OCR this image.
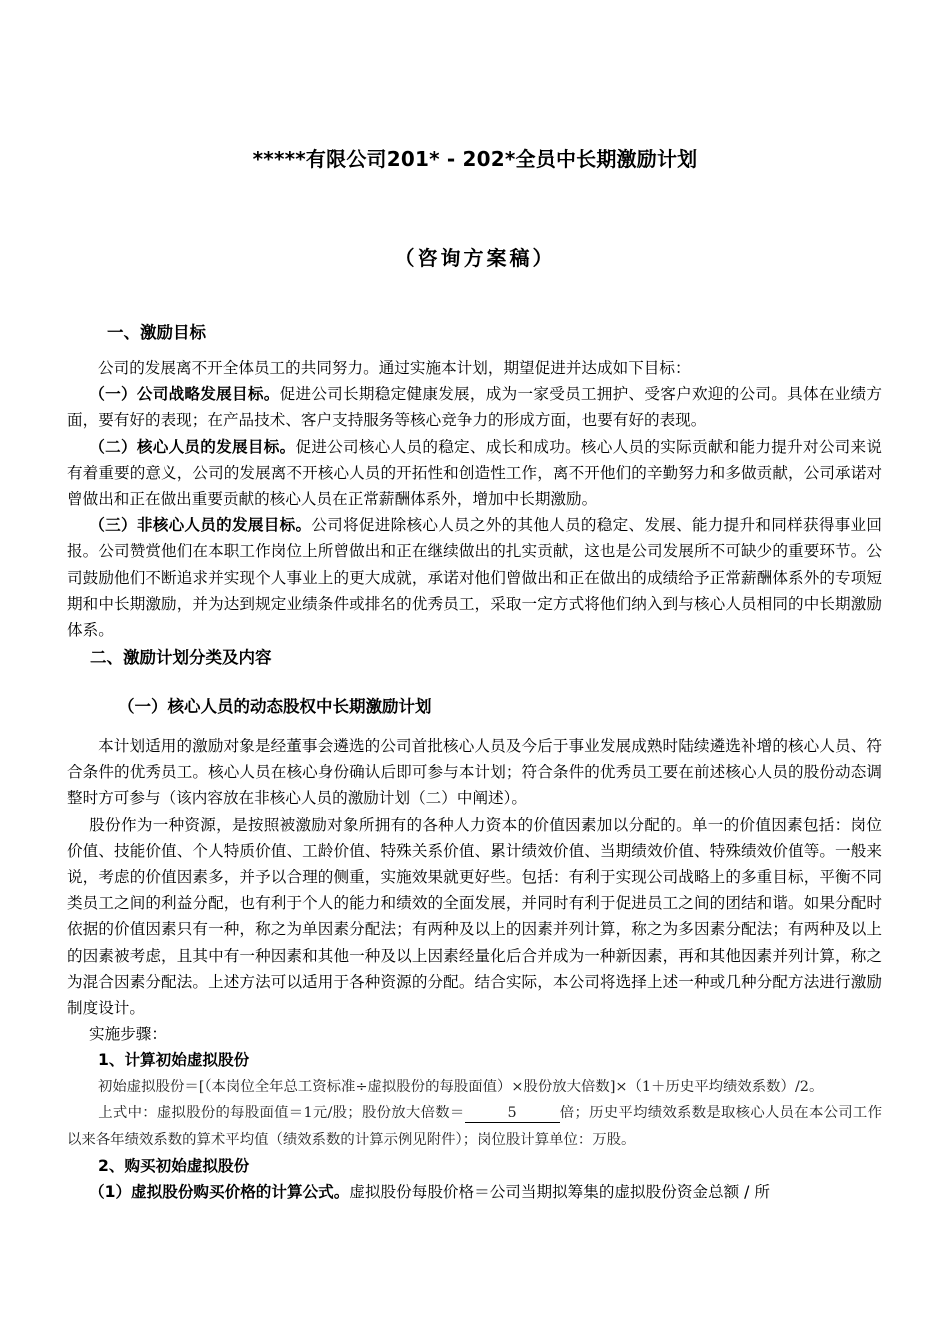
*****有限公司201* - 202*全员中长期激励计划
（咨询方案稿）
一、激励目标
公司的发展离不开全体员工的共同努力。通过实施本计划，期望促进并达成如下目标：
（一）公司战略发展目标。促进公司长期稳定健康发展，成为一家受员工拥护、受客户欢迎的公司。具体在业绩方面，要有好的表现；在产品技术、客户支持服务等核心竞争力的形成方面，也要有好的表现。
（二）核心人员的发展目标。促进公司核心人员的稳定、成长和成功。核心人员的实际贡献和能力提升对公司来说有着重要的意义，公司的发展离不开核心人员的开拓性和创造性工作，离不开他们的辛勤努力和多做贡献，公司承诺对曾做出和正在做出重要贡献的核心人员在正常薪酬体系外，增加中长期激励。
（三）非核心人员的发展目标。公司将促进除核心人员之外的其他人员的稳定、发展、能力提升和同样获得事业回报。公司赞赏他们在本职工作岗位上所曾做出和正在继续做出的扎实贡献，这也是公司发展所不可缺少的重要环节。公司鼓励他们不断追求并实现个人事业上的更大成就，承诺对他们曾做出和正在做出的成绩给予正常薪酬体系外的专项短期和中长期激励，并为达到规定业绩条件或排名的优秀员工，采取一定方式将他们纳入到与核心人员相同的中长期激励体系。
二、激励计划分类及内容
（一）核心人员的动态股权中长期激励计划
本计划适用的激励对象是经董事会遴选的公司首批核心人员及今后于事业发展成熟时陆续遴选补增的核心人员、符合条件的优秀员工。核心人员在核心身份确认后即可参与本计划；符合条件的优秀员工要在前述核心人员的股份动态调整时方可参与（该内容放在非核心人员的激励计划（二）中阐述）。
股份作为一种资源，是按照被激励对象所拥有的各种人力资本的价值因素加以分配的。单一的价值因素包括：岗位价值、技能价值、个人特质价值、工龄价值、特殊关系价值、累计绩效价值、当期绩效价值、特殊绩效价值等。一般来说，考虑的价值因素多，并予以合理的侧重，实施效果就更好些。包括：有利于实现公司战略上的多重目标，平衡不同类员工之间的利益分配，也有利于个人的能力和绩效的全面发展，并同时有利于促进员工之间的团结和谐。如果分配时依据的价值因素只有一种，称之为单因素分配法；有两种及以上的因素并列计算，称之为多因素分配法；有两种及以上的因素被考虑，且其中有一种因素和其他一种及以上因素经量化后合并成为一种新因素，再和其他因素并列计算，称之为混合因素分配法。上述方法可以适用于各种资源的分配。结合实际，本公司将选择上述一种或几种分配方法进行激励制度设计。
实施步骤：
1、计算初始虚拟股份
初始虚拟股份＝[（本岗位全年总工资标准÷虚拟股份的每股面值）×股份放大倍数]×（1＋历史平均绩效系数）/2。
上式中：虚拟股份的每股面值＝1元/股；股份放大倍数＝	5	倍；历史平均绩效系数是取核心人员在本公司工作以来各年绩效系数的算术平均值（绩效系数的计算示例见附件）；岗位股计算单位：万股。
2、购买初始虚拟股份
（1）虚拟股份购买价格的计算公式。虚拟股份每股价格＝公司当期拟筹集的虚拟股份资金总额 / 所
